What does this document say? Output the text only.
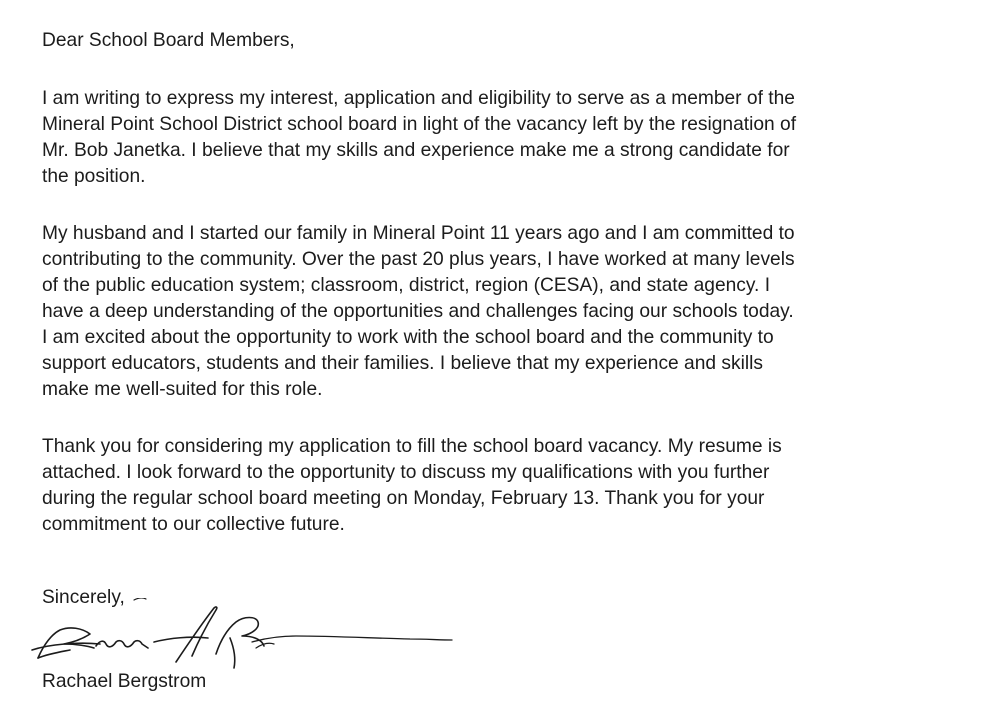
Dear School Board Members,

I am writing to express my interest, application and eligibility to serve as a member of the
Mineral Point School District school board in light of the vacancy left by the resignation of
Mr. Bob Janetka. I believe that my skills and experience make me a strong candidate for
the position.

My husband and I started our family in Mineral Point 11 years ago and I am committed to
contributing to the community. Over the past 20 plus years, I have worked at many levels
of the public education system; classroom, district, region (CESA), and state agency. I
have a deep understanding of the opportunities and challenges facing our schools today.
I am excited about the opportunity to work with the school board and the community to
support educators, students and their families. I believe that my experience and skills
make me well-suited for this role.

Thank you for considering my application to fill the school board vacancy. My resume is
attached. I look forward to the opportunity to discuss my qualifications with you further
during the regular school board meeting on Monday, February 13. Thank you for your
commitment to our collective future.

Sincerely,

Rachael Bergstrom
